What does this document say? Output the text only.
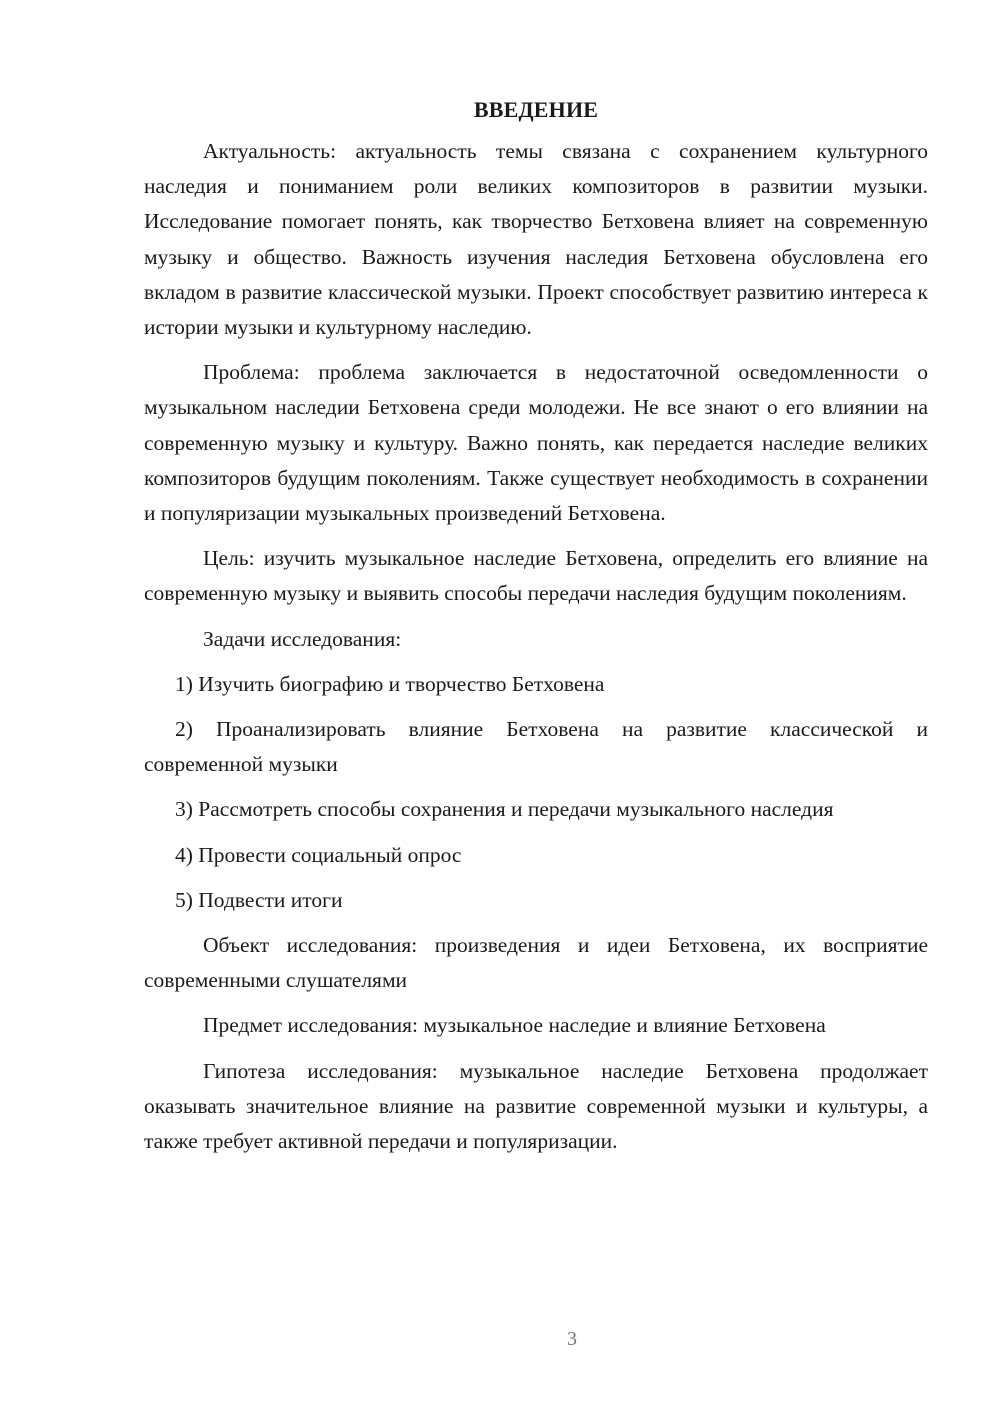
ВВЕДЕНИЕ

Актуальность: актуальность темы связана с сохранением культурного наследия и пониманием роли великих композиторов в развитии музыки. Исследование помогает понять, как творчество Бетховена влияет на современную музыку и общество. Важность изучения наследия Бетховена обусловлена его вкладом в развитие классической музыки. Проект способствует развитию интереса к истории музыки и культурному наследию.

Проблема: проблема заключается в недостаточной осведомленности о музыкальном наследии Бетховена среди молодежи. Не все знают о его влиянии на современную музыку и культуру. Важно понять, как передается наследие великих композиторов будущим поколениям. Также существует необходимость в сохранении и популяризации музыкальных произведений Бетховена.

Цель: изучить музыкальное наследие Бетховена, определить его влияние на современную музыку и выявить способы передачи наследия будущим поколениям.

Задачи исследования:

1) Изучить биографию и творчество Бетховена

2) Проанализировать влияние Бетховена на развитие классической и современной музыки

3) Рассмотреть способы сохранения и передачи музыкального наследия

4) Провести социальный опрос

5) Подвести итоги

Объект исследования: произведения и идеи Бетховена, их восприятие современными слушателями

Предмет исследования: музыкальное наследие и влияние Бетховена

Гипотеза исследования: музыкальное наследие Бетховена продолжает оказывать значительное влияние на развитие современной музыки и культуры, а также требует активной передачи и популяризации.

3
